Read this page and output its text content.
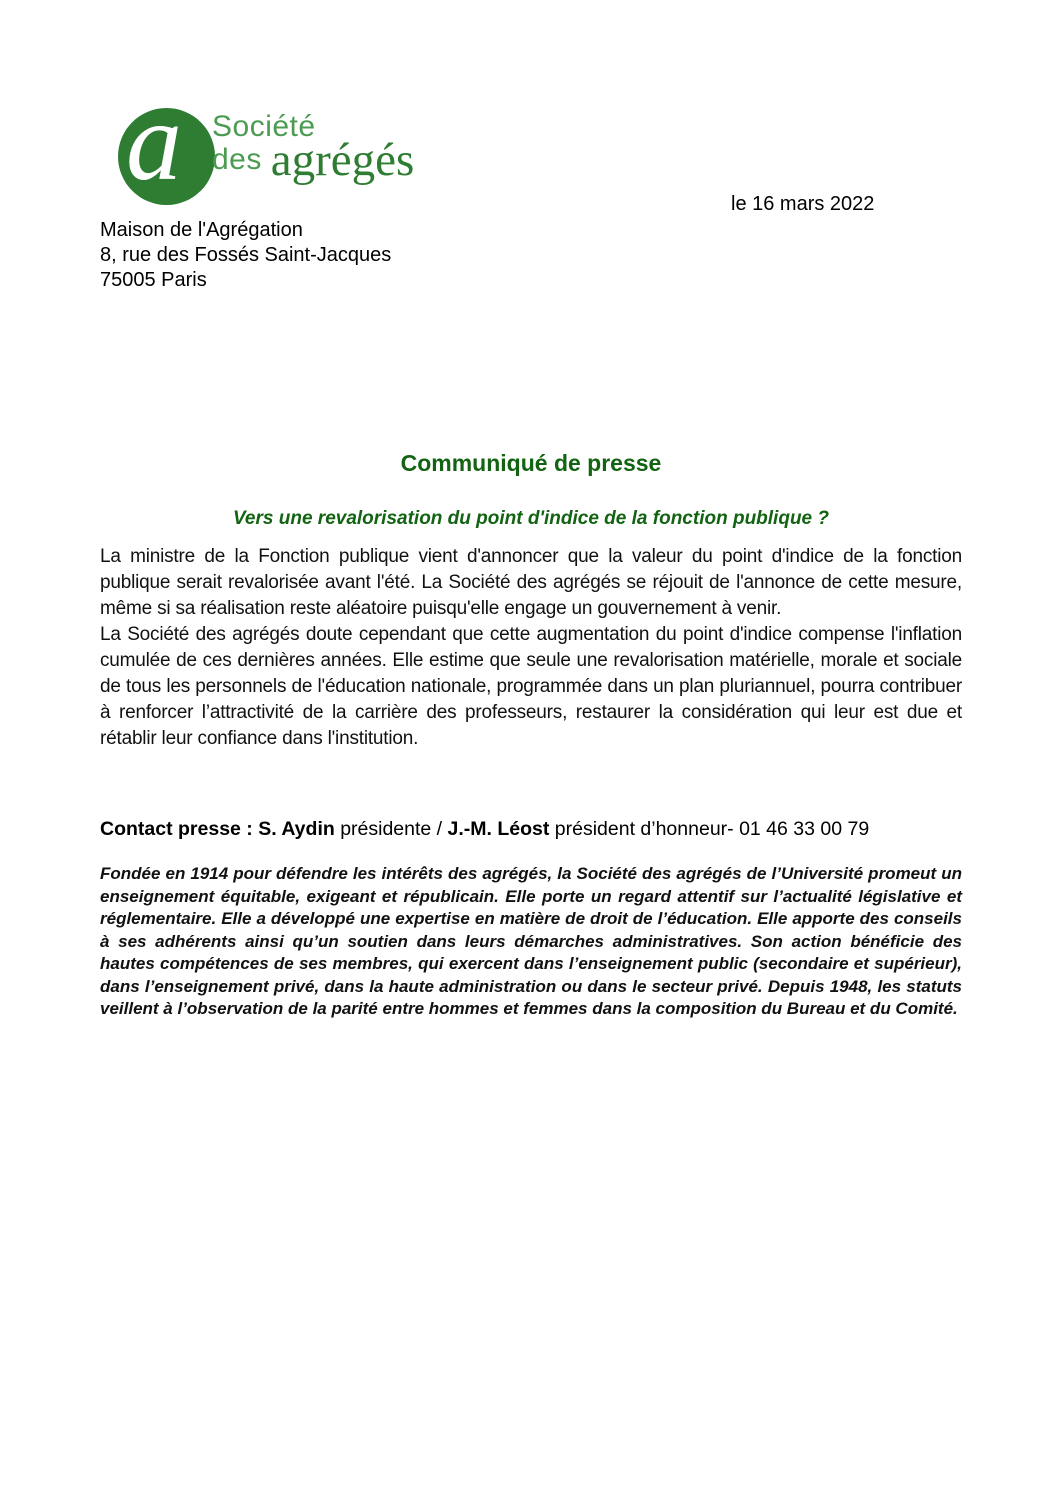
a Société
des agrégés
le 16 mars 2022
Maison de l'Agrégation
8, rue des Fossés Saint-Jacques
75005 Paris
Communiqué de presse
Vers une revalorisation du point d'indice de la fonction publique ?

La ministre de la Fonction publique vient d'annoncer que la valeur du point d'indice de la fonction publique serait revalorisée avant l'été. La Société des agrégés se réjouit de l'annonce de cette mesure, même si sa réalisation reste aléatoire puisqu'elle engage un gouvernement à venir.

La Société des agrégés doute cependant que cette augmentation du point d'indice compense l'inflation cumulée de ces dernières années. Elle estime que seule une revalorisation matérielle, morale et sociale de tous les personnels de l'éducation nationale, programmée dans un plan pluriannuel, pourra contribuer à renforcer l’attractivité de la carrière des professeurs, restaurer la considération qui leur est due et rétablir leur confiance dans l'institution.

Contact presse : S. Aydin présidente / J.-M. Léost président d’honneur- 01 46 33 00 79

Fondée en 1914 pour défendre les intérêts des agrégés, la Société des agrégés de l’Université promeut un enseignement équitable, exigeant et républicain. Elle porte un regard attentif sur l’actualité législative et réglementaire. Elle a développé une expertise en matière de droit de l’éducation. Elle apporte des conseils à ses adhérents ainsi qu’un soutien dans leurs démarches administratives. Son action bénéficie des hautes compétences de ses membres, qui exercent dans l’enseignement public (secondaire et supérieur), dans l’enseignement privé, dans la haute administration ou dans le secteur privé. Depuis 1948, les statuts veillent à l’observation de la parité entre hommes et femmes dans la composition du Bureau et du Comité.
